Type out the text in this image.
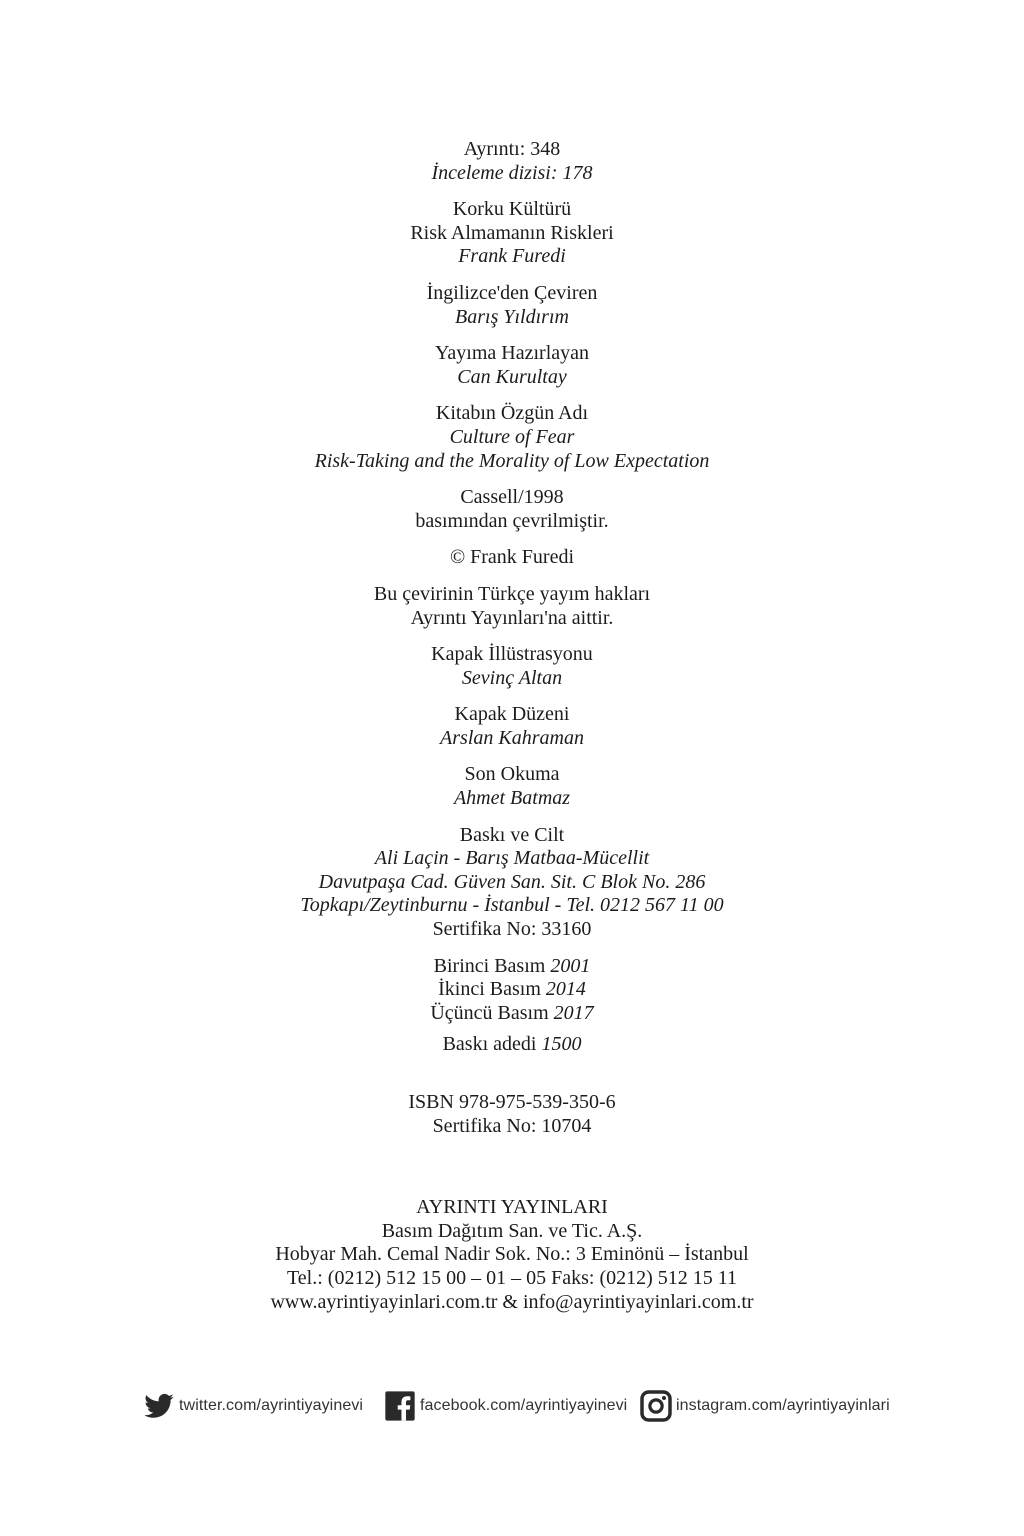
Ayrıntı: 348
İnceleme dizisi: 178
Korku Kültürü
Risk Almamanın Riskleri
Frank Furedi
İngilizce'den Çeviren
Barış Yıldırım
Yayıma Hazırlayan
Can Kurultay
Kitabın Özgün Adı
Culture of Fear
Risk-Taking and the Morality of Low Expectation
Cassell/1998
basımından çevrilmiştir.
© Frank Furedi
Bu çevirinin Türkçe yayım hakları
Ayrıntı Yayınları'na aittir.
Kapak İllüstrasyonu
Sevinç Altan
Kapak Düzeni
Arslan Kahraman
Son Okuma
Ahmet Batmaz
Baskı ve Cilt
Ali Laçin - Barış Matbaa-Mücellit
Davutpaşa Cad. Güven San. Sit. C Blok No. 286
Topkapı/Zeytinburnu - İstanbul - Tel. 0212 567 11 00
Sertifika No: 33160
Birinci Basım 2001
İkinci Basım 2014
Üçüncü Basım 2017
Baskı adedi 1500
ISBN 978-975-539-350-6
Sertifika No: 10704
AYRINTI YAYINLARI
Basım Dağıtım San. ve Tic. A.Ş.
Hobyar Mah. Cemal Nadir Sok. No.: 3 Eminönü – İstanbul
Tel.: (0212) 512 15 00 – 01 – 05 Faks: (0212) 512 15 11
www.ayrintiyayinlari.com.tr & info@ayrintiyayinlari.com.tr
twitter.com/ayrintiyayinevi	facebook.com/ayrintiyayinevi	instagram.com/ayrintiyayinlari
